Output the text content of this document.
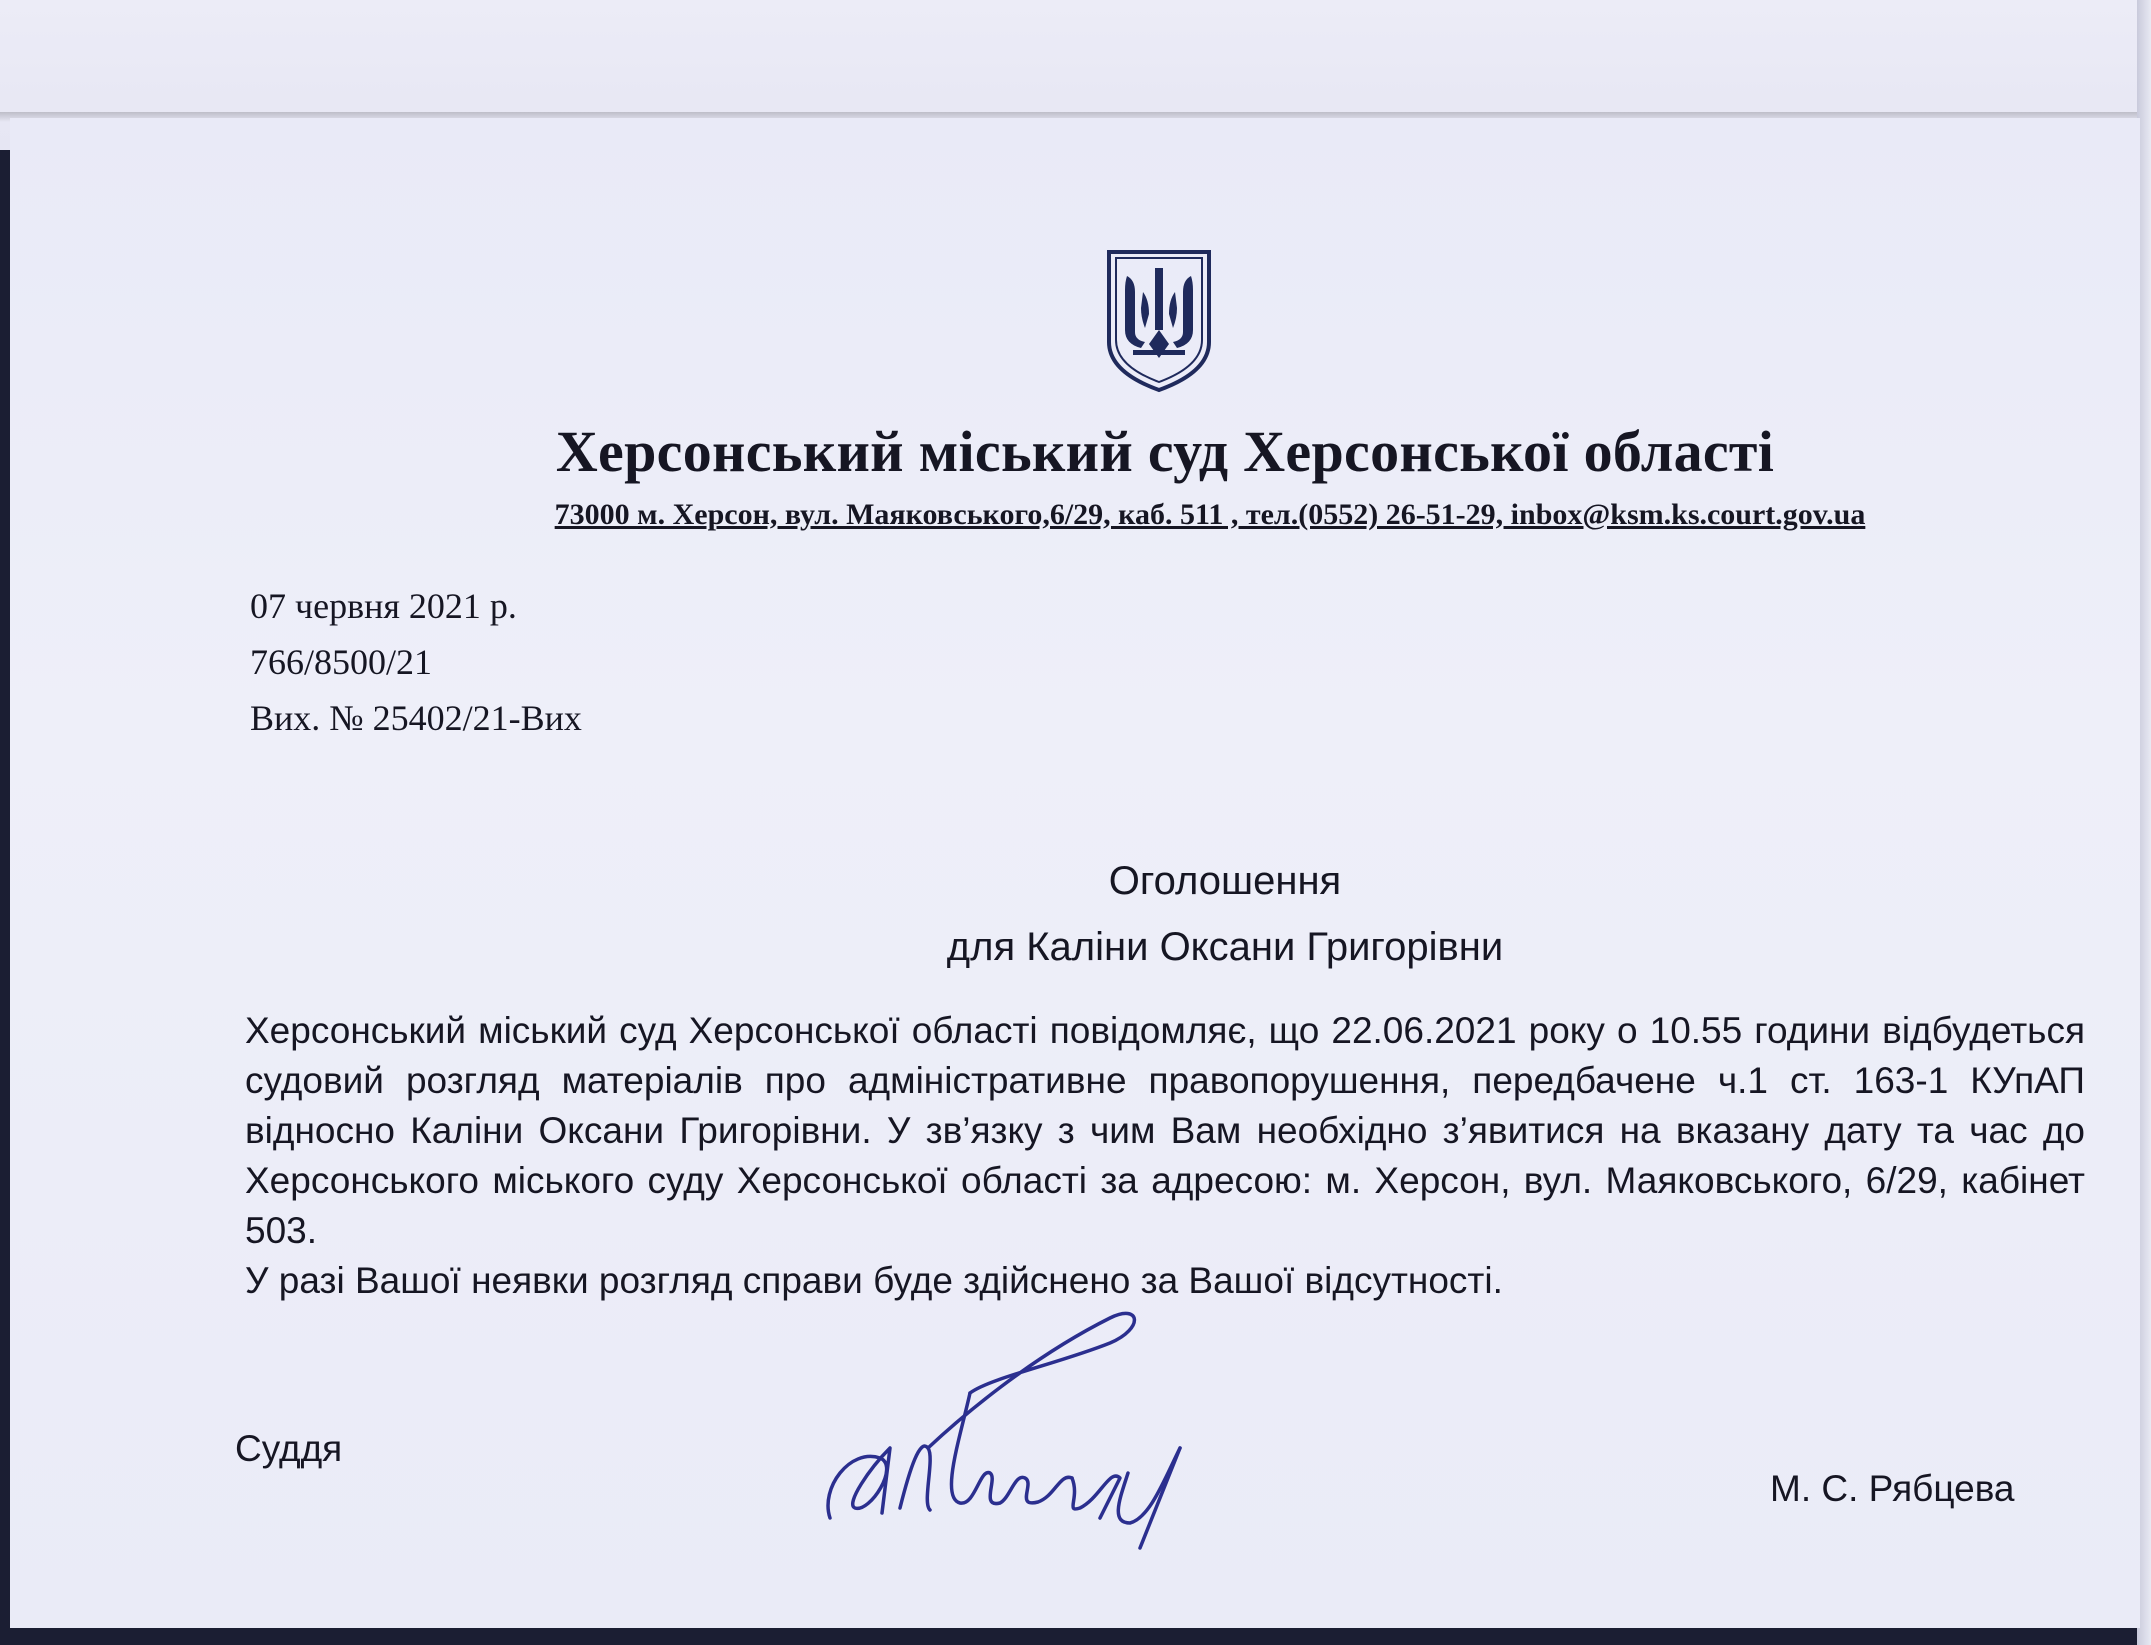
Херсонський міський суд Херсонської області
73000 м. Херсон, вул. Маяковського,6/29, каб. 511 , тел.(0552) 26-51-29, inbox@ksm.ks.court.gov.ua
07 червня 2021 р.
766/8500/21
Вих. № 25402/21-Вих
Оголошення
для Каліни Оксани Григорівни

Херсонський міський суд Херсонської області повідомляє, що 22.06.2021 року о 10.55 години відбудеться судовий розгляд матеріалів про адміністративне правопорушення, передбачене ч.1 ст. 163-1 КУпАП відносно Каліни Оксани Григорівни. У зв’язку з чим Вам необхідно з’явитися на вказану дату та час до Херсонського міського суду Херсонської області за адресою: м. Херсон, вул. Маяковського, 6/29, кабінет 503.

У разі Вашої неявки розгляд справи буде здійснено за Вашої відсутності.

Суддя
М. С. Рябцева
